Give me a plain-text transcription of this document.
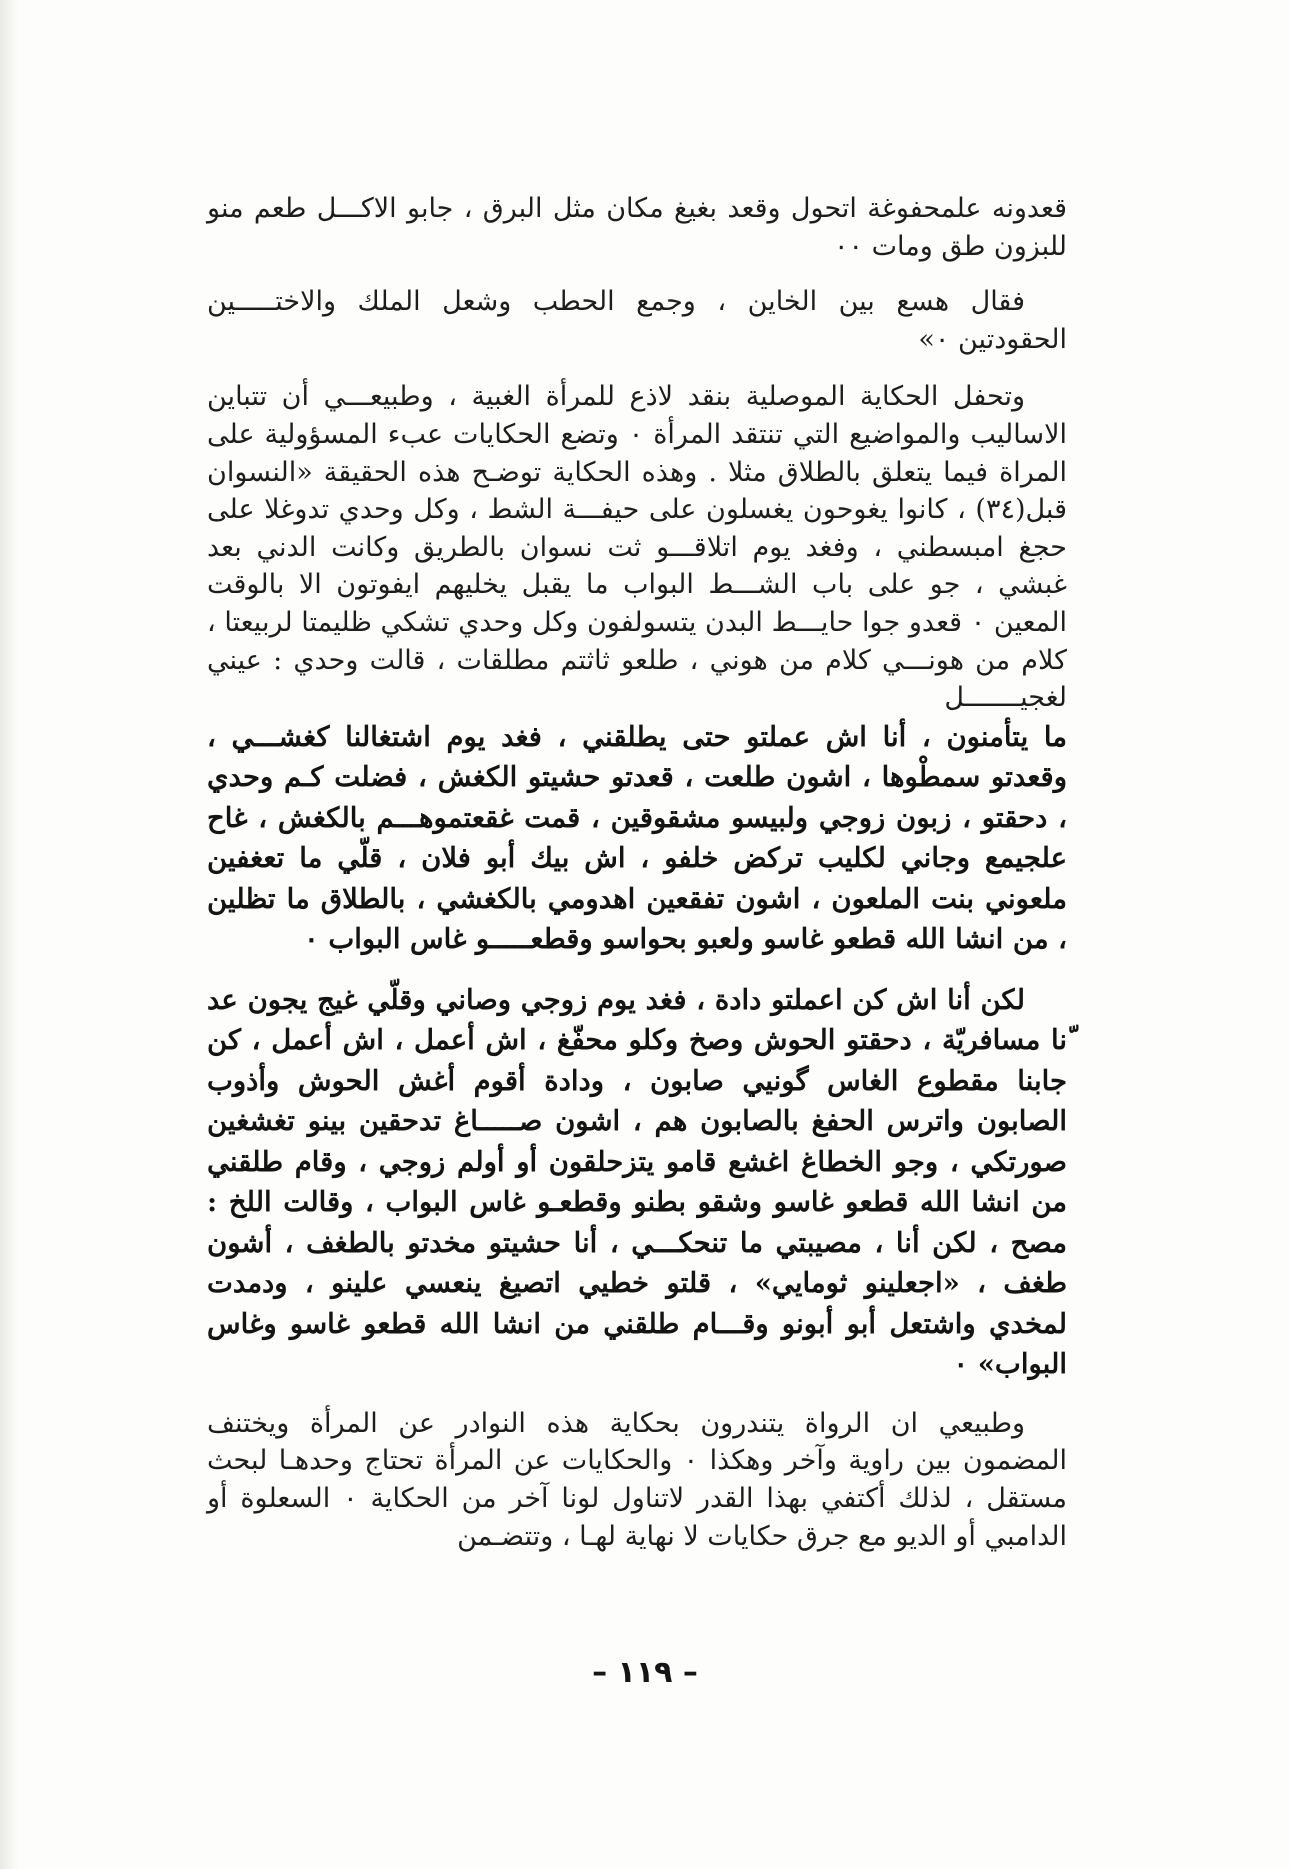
قعدونه علمحفوغة اتحول وقعد بغيغ مكان مثل البرق ، جابو الاكـــل طعم منو للبزون طق ومات ٠٠

فقال هسع بين الخاين ، وجمع الحطب وشعل الملك والاختـــــين الحقودتين ٠»

وتحفل الحكاية الموصلية بنقد لاذع للمرأة الغبية ، وطبيعـــي أن تتباين الاساليب والمواضيع التي تنتقد المرأة ٠ وتضع الحكايات عبء المسؤولية على المراة فيما يتعلق بالطلاق مثلا . وهذه الحكاية توضـح هذه الحقيقة «النسوان قبل(٣٤) ، كانوا يغوحون يغسلون على حيفـــة الشط ، وكل وحدي تدوغلا على حجغ امبسطني ، وفغد يوم اتلاقـــو ثت نسوان بالطريق وكانت الدني بعد غبشي ، جو على باب الشـــط البواب ما يقبل يخليهم ايفوتون الا بالوقت المعين ٠ قعدو جوا حايـــط البدن يتسولفون وكل وحدي تشكي ظليمتا لربيعتا ، كلام من هونـــي كلام من هوني ، طلعو ثاثتم مطلقات ، قالت وحدي : عيني لغجيـــــــل

ما يتأمنون ، أنا اش عملتو حتى يطلقني ، فغد يوم اشتغالنا كغشـــي ، وقعدتو سمطْوها ، اشون طلعت ، قعدتو حشيتو الكغش ، فضلت كـم وحدي ، دحقتو ، زبون زوجي ولبيسو مشقوقين ، قمت غقعتموهـــم بالكغش ، غاح علجيمع وجاني لكليب تركض خلفو ، اش بيك أبو فلان ، قلّي ما تعغفين ملعوني بنت الملعون ، اشون تفقعين اهدومي بالكغشي ، بالطلاق ما تظلين ، من انشا الله قطعو غاسو ولعبو بحواسو وقطعـــــو غاس البواب ٠

لكن أنا اش كن اعملتو دادة ، فغد يوم زوجي وصاني وقلّي غيج يجون عد ّنا مسافريّة ، دحقتو الحوش وصخ وكلو محفّغ ، اش أعمل ، اش أعمل ، كن جابنا مقطوع الغاس گونيي صابون ، ودادة أقوم أغش الحوش وأذوب الصابون واترس الحفغ بالصابون هم ، اشون صـــــاغ تدحقين بينو تغشغين صورتكي ، وجو الخطاغ اغشع قامو يتزحلقون أو أولم زوجي ، وقام طلقني من انشا الله قطعو غاسو وشقو بطنو وقطعـو غاس البواب ، وقالت اللخ : مصح ، لكن أنا ، مصيبتي ما تنحكـــي ، أنا حشيتو مخدتو بالطغف ، أشون طغف ، «اجعلينو ثومايي» ، قلتو خطيي اتصيغ ينعسي علينو ، ودمدت لمخدي واشتعل أبو أبونو وقـــام طلقني من انشا الله قطعو غاسو وغاس البواب» ٠

وطبيعي ان الرواة يتندرون بحكاية هذه النوادر عن المرأة ويختنف المضمون بين راوية وآخر وهكذا ٠ والحكايات عن المرأة تحتاج وحدهـا لبحث مستقل ، لذلك أكتفي بهذا القدر لاتناول لونا آخر من الحكاية ٠ السعلوة أو الدامبي أو الديو مع جرق حكايات لا نهاية لهـا ، وتتضـمن

– ١١٩ –
